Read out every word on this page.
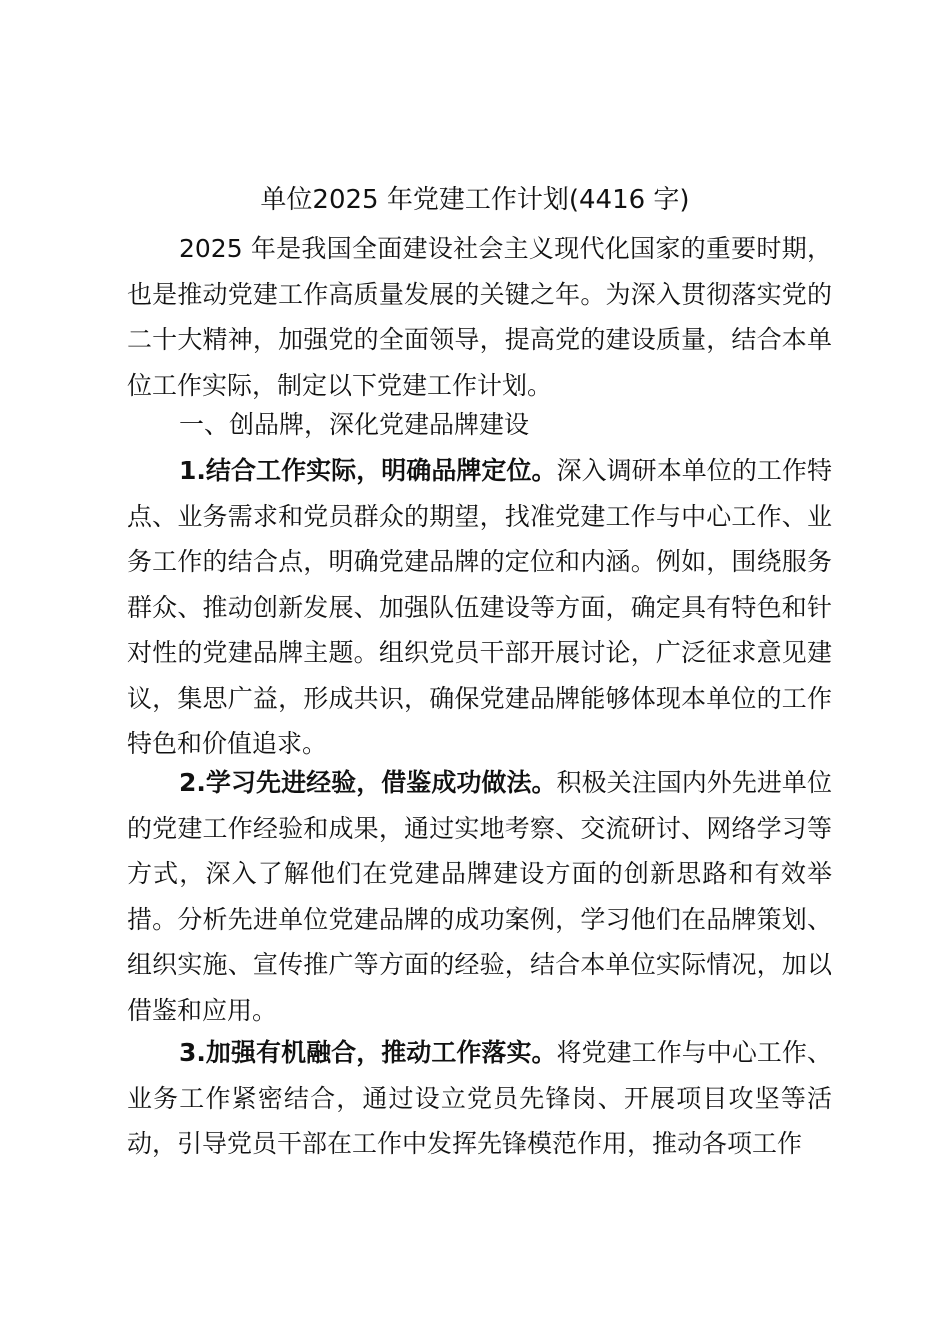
单位2025 年党建工作计划(4416 字)

2025 年是我国全面建设社会主义现代化国家的重要时期，也是推动党建工作高质量发展的关键之年。为深入贯彻落实党的二十大精神，加强党的全面领导，提高党的建设质量，结合本单位工作实际，制定以下党建工作计划。

一、创品牌，深化党建品牌建设

1.结合工作实际，明确品牌定位。深入调研本单位的工作特点、业务需求和党员群众的期望，找准党建工作与中心工作、业务工作的结合点，明确党建品牌的定位和内涵。例如，围绕服务群众、推动创新发展、加强队伍建设等方面，确定具有特色和针对性的党建品牌主题。组织党员干部开展讨论，广泛征求意见建议，集思广益，形成共识，确保党建品牌能够体现本单位的工作特色和价值追求。

2.学习先进经验，借鉴成功做法。积极关注国内外先进单位的党建工作经验和成果，通过实地考察、交流研讨、网络学习等方式，深入了解他们在党建品牌建设方面的创新思路和有效举措。分析先进单位党建品牌的成功案例，学习他们在品牌策划、组织实施、宣传推广等方面的经验，结合本单位实际情况，加以借鉴和应用。

3.加强有机融合，推动工作落实。将党建工作与中心工作、业务工作紧密结合，通过设立党员先锋岗、开展项目攻坚等活动，引导党员干部在工作中发挥先锋模范作用，推动各项工作
